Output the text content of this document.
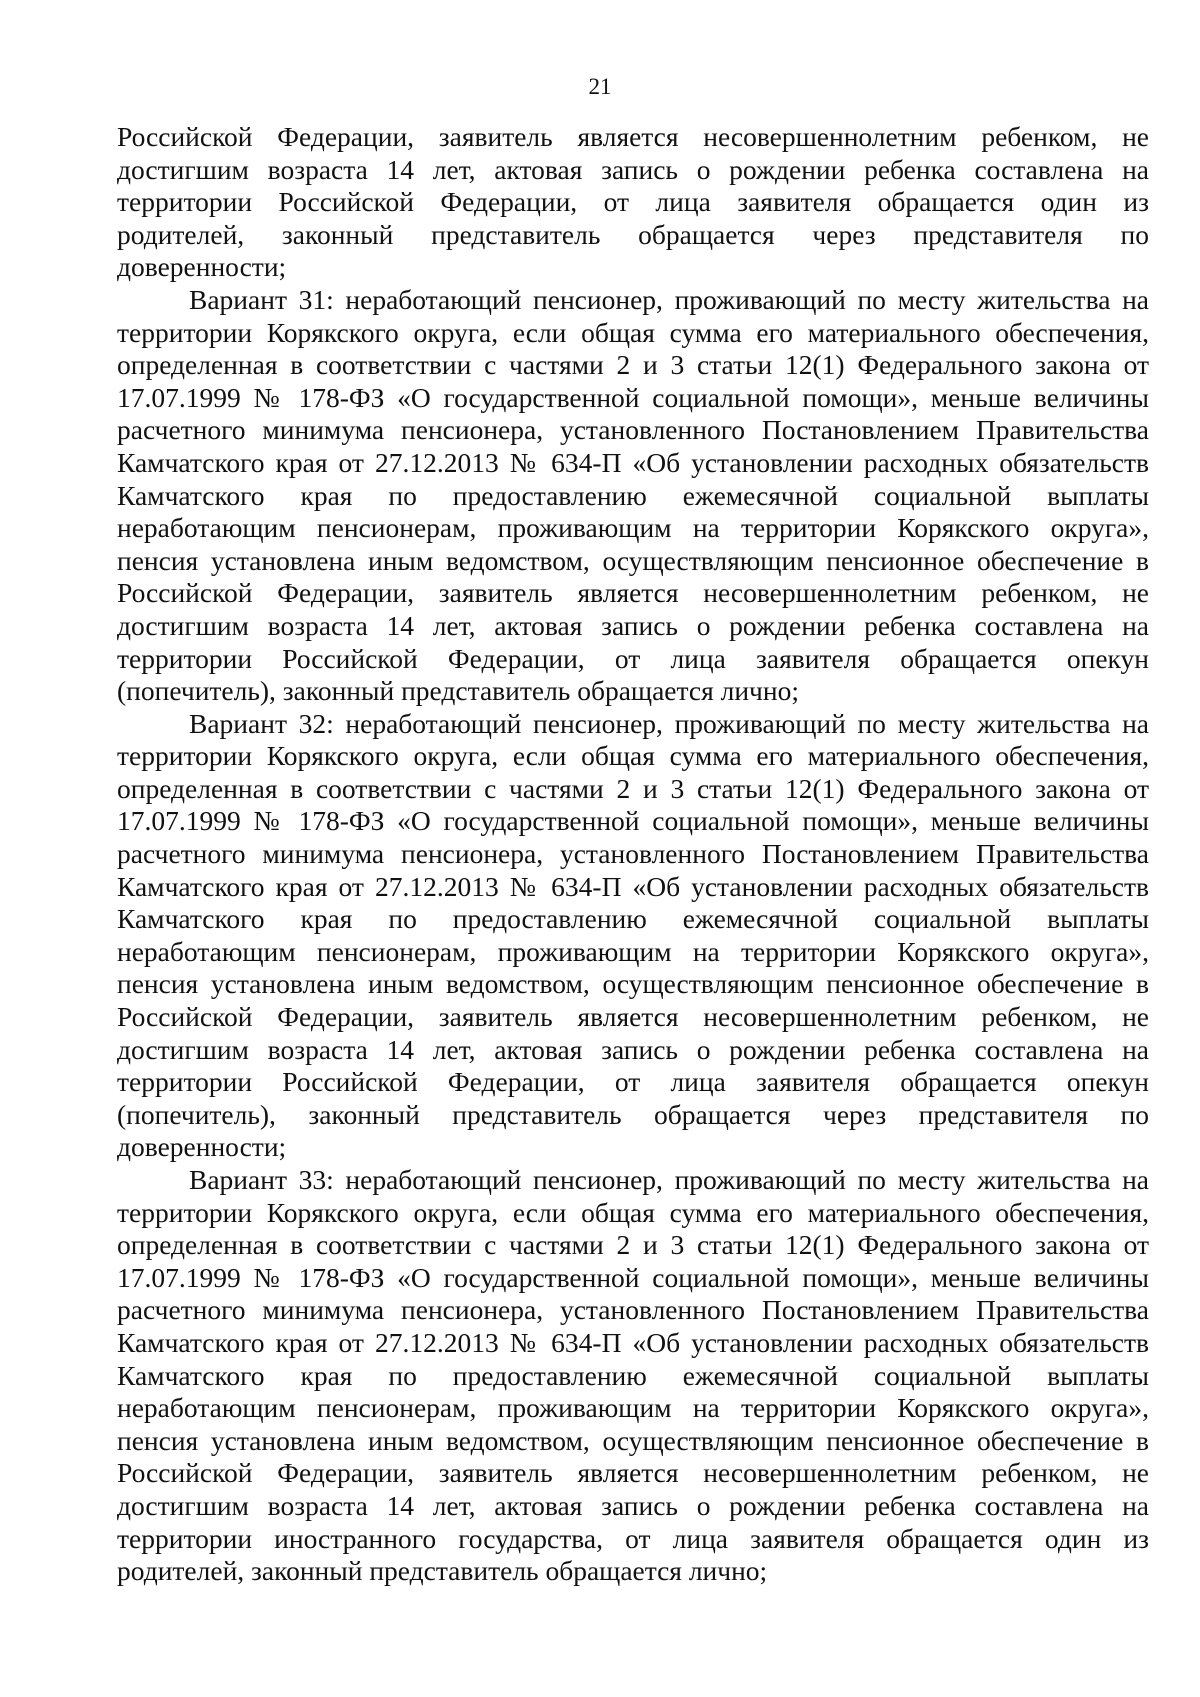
21
Российской Федерации, заявитель является несовершеннолетним ребенком, не
достигшим возраста 14 лет, актовая запись о рождении ребенка составлена на
территории Российской Федерации, от лица заявителя обращается один из
родителей, законный представитель обращается через представителя по
доверенности;
Вариант 31: неработающий пенсионер, проживающий по месту жительства на
территории Корякского округа, если общая сумма его материального обеспечения,
определенная в соответствии с частями 2 и 3 статьи 12(1) Федерального закона от
17.07.1999 № 178-ФЗ «О государственной социальной помощи», меньше величины
расчетного минимума пенсионера, установленного Постановлением Правительства
Камчатского края от 27.12.2013 № 634-П «Об установлении расходных обязательств
Камчатского края по предоставлению ежемесячной социальной выплаты
неработающим пенсионерам, проживающим на территории Корякского округа»,
пенсия установлена иным ведомством, осуществляющим пенсионное обеспечение в
Российской Федерации, заявитель является несовершеннолетним ребенком, не
достигшим возраста 14 лет, актовая запись о рождении ребенка составлена на
территории Российской Федерации, от лица заявителя обращается опекун
(попечитель), законный представитель обращается лично;
Вариант 32: неработающий пенсионер, проживающий по месту жительства на
территории Корякского округа, если общая сумма его материального обеспечения,
определенная в соответствии с частями 2 и 3 статьи 12(1) Федерального закона от
17.07.1999 № 178-ФЗ «О государственной социальной помощи», меньше величины
расчетного минимума пенсионера, установленного Постановлением Правительства
Камчатского края от 27.12.2013 № 634-П «Об установлении расходных обязательств
Камчатского края по предоставлению ежемесячной социальной выплаты
неработающим пенсионерам, проживающим на территории Корякского округа»,
пенсия установлена иным ведомством, осуществляющим пенсионное обеспечение в
Российской Федерации, заявитель является несовершеннолетним ребенком, не
достигшим возраста 14 лет, актовая запись о рождении ребенка составлена на
территории Российской Федерации, от лица заявителя обращается опекун
(попечитель), законный представитель обращается через представителя по
доверенности;
Вариант 33: неработающий пенсионер, проживающий по месту жительства на
территории Корякского округа, если общая сумма его материального обеспечения,
определенная в соответствии с частями 2 и 3 статьи 12(1) Федерального закона от
17.07.1999 № 178-ФЗ «О государственной социальной помощи», меньше величины
расчетного минимума пенсионера, установленного Постановлением Правительства
Камчатского края от 27.12.2013 № 634-П «Об установлении расходных обязательств
Камчатского края по предоставлению ежемесячной социальной выплаты
неработающим пенсионерам, проживающим на территории Корякского округа»,
пенсия установлена иным ведомством, осуществляющим пенсионное обеспечение в
Российской Федерации, заявитель является несовершеннолетним ребенком, не
достигшим возраста 14 лет, актовая запись о рождении ребенка составлена на
территории иностранного государства, от лица заявителя обращается один из
родителей, законный представитель обращается лично;
